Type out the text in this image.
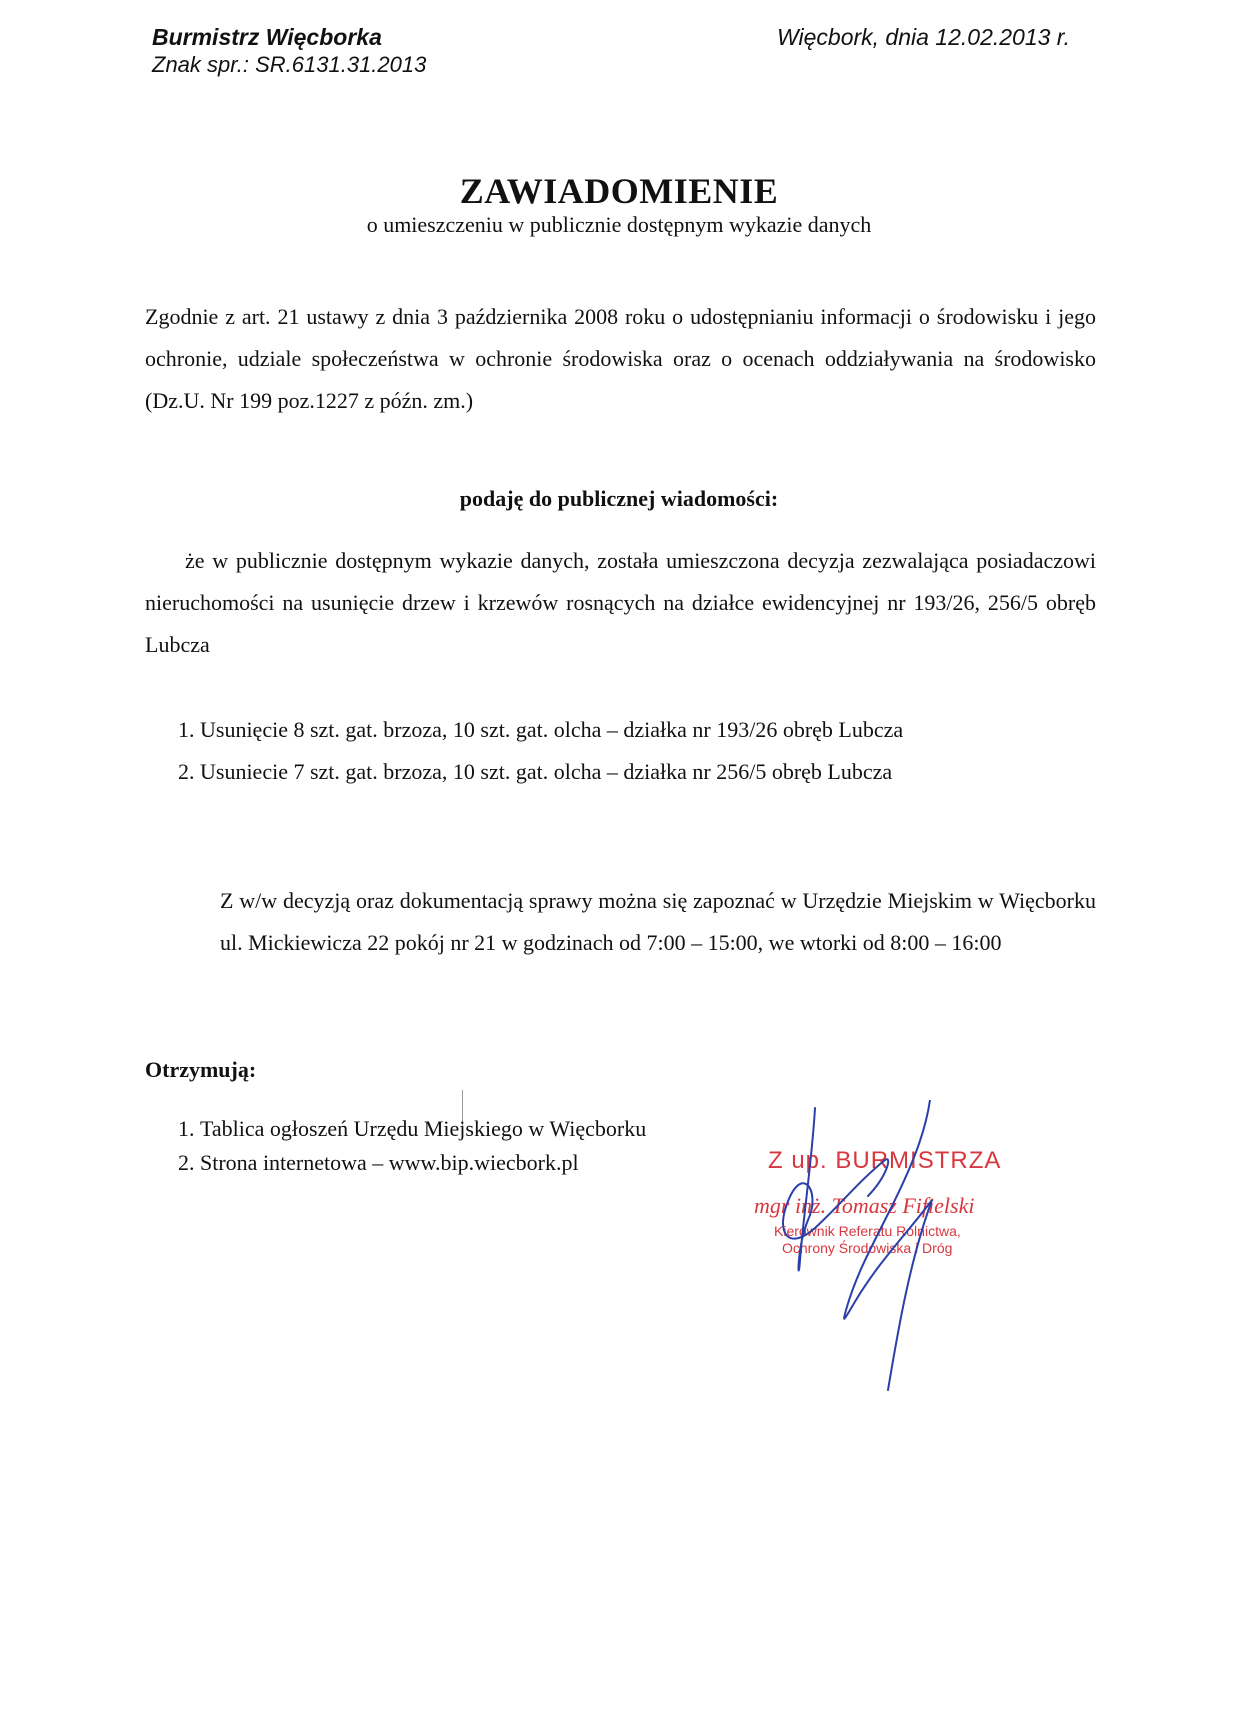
Burmistrz Więcborka
Znak spr.: SR.6131.31.2013
Więcbork, dnia 12.02.2013 r.
ZAWIADOMIENIE
o umieszczeniu w publicznie dostępnym wykazie danych
Zgodnie z art. 21 ustawy z dnia 3 października 2008 roku o udostępnianiu informacji o środowisku i jego ochronie, udziale społeczeństwa w ochronie środowiska oraz o ocenach oddziaływania na środowisko (Dz.U. Nr 199 poz.1227 z późn. zm.)
podaję do publicznej wiadomości:
że w publicznie dostępnym wykazie danych, została umieszczona decyzja zezwalająca posiadaczowi nieruchomości na usunięcie drzew i krzewów rosnących na działce ewidencyjnej nr 193/26, 256/5 obręb Lubcza
1. Usunięcie 8 szt. gat. brzoza, 10 szt. gat. olcha – działka nr 193/26 obręb Lubcza
2. Usuniecie 7 szt. gat. brzoza, 10 szt. gat. olcha – działka nr 256/5 obręb Lubcza
Z w/w decyzją oraz dokumentacją sprawy można się zapoznać w Urzędzie Miejskim w Więcborku ul. Mickiewicza 22 pokój nr 21 w godzinach od 7:00 – 15:00, we wtorki od 8:00 – 16:00
Otrzymują:
1. Tablica ogłoszeń Urzędu Miejskiego w Więcborku
2. Strona internetowa – www.bip.wiecbork.pl	Z up. BURMISTRZA
mgr inż. Tomasz Fifielski
Kierownik Referatu Rolnictwa,
Ochrony Środowiska i Dróg
